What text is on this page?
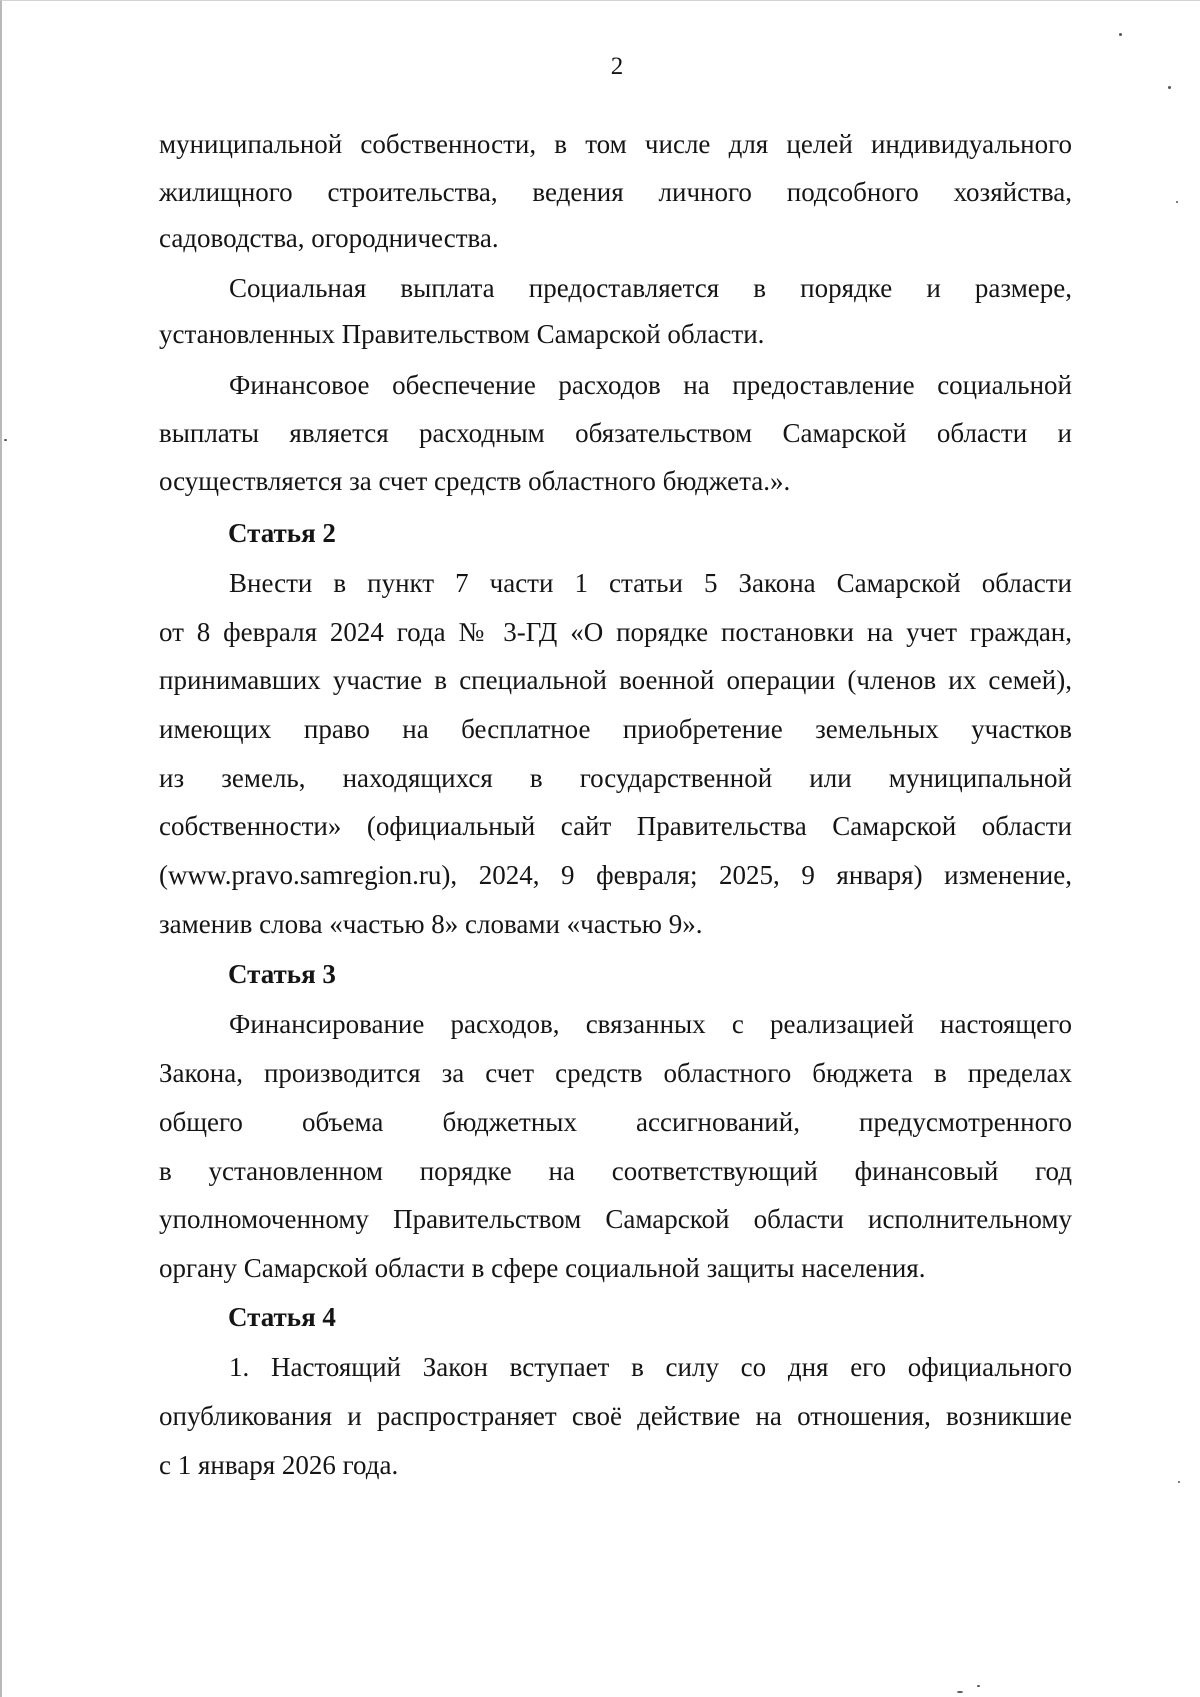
2
муниципальной собственности, в том числе для целей индивидуального
жилищного строительства, ведения личного подсобного хозяйства,
садоводства, огородничества.
Социальная выплата предоставляется в порядке и размере,
установленных Правительством Самарской области.
Финансовое обеспечение расходов на предоставление социальной
выплаты является расходным обязательством Самарской области и
осуществляется за счет средств областного бюджета.».
Статья 2
Внести в пункт 7 части 1 статьи 5 Закона Самарской области
от 8 февраля 2024 года № 3-ГД «О порядке постановки на учет граждан,
принимавших участие в специальной военной операции (членов их семей),
имеющих право на бесплатное приобретение земельных участков
из земель, находящихся в государственной или муниципальной
собственности» (официальный сайт Правительства Самарской области
(www.pravo.samregion.ru), 2024, 9 февраля; 2025, 9 января) изменение,
заменив слова «частью 8» словами «частью 9».
Статья 3
Финансирование расходов, связанных с реализацией настоящего
Закона, производится за счет средств областного бюджета в пределах
общего объема бюджетных ассигнований, предусмотренного
в установленном порядке на соответствующий финансовый год
уполномоченному Правительством Самарской области исполнительному
органу Самарской области в сфере социальной защиты населения.
Статья 4
1. Настоящий Закон вступает в силу со дня его официального
опубликования и распространяет своё действие на отношения, возникшие
с 1 января 2026 года.
